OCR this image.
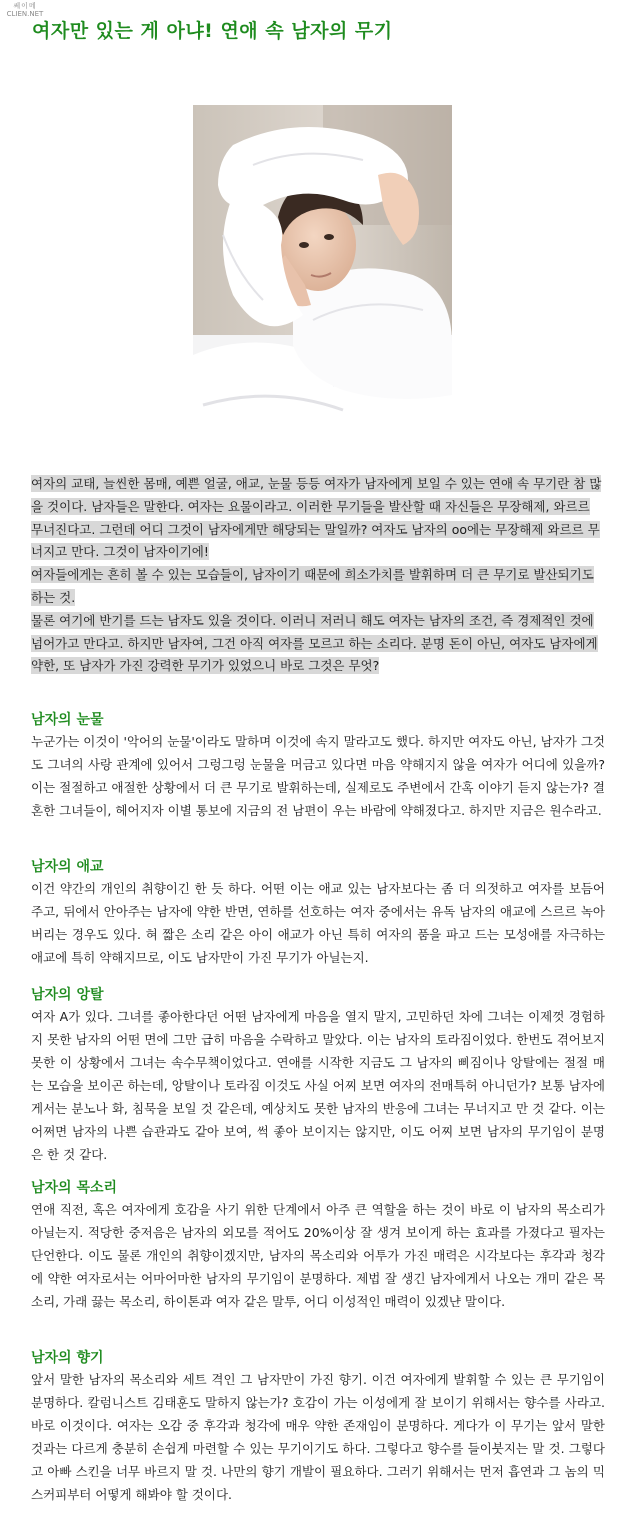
쎄이메
CLIEN.NET
여자만 있는 게 아냐! 연애 속 남자의 무기

여자의 교태, 늘씬한 몸매, 예쁜 얼굴, 애교, 눈물 등등 여자가 남자에게 보일 수 있는 연애 속 무기란 참 많을 것이다. 남자들은 말한다. 여자는 요물이라고. 이러한 무기들을 발산할 때 자신들은 무장해제, 와르르 무너진다고. 그런데 어디 그것이 남자에게만 해당되는 말일까? 여자도 남자의 oo에는 무장해제 와르르 무너지고 만다. 그것이 남자이기에!

여자들에게는 흔히 볼 수 있는 모습들이, 남자이기 때문에 희소가치를 발휘하며 더 큰 무기로 발산되기도 하는 것.

물론 여기에 반기를 드는 남자도 있을 것이다. 이러니 저러니 해도 여자는 남자의 조건, 즉 경제적인 것에 넘어가고 만다고. 하지만 남자여, 그건 아직 여자를 모르고 하는 소리다. 분명 돈이 아닌, 여자도 남자에게 약한, 또 남자가 가진 강력한 무기가 있었으니 바로 그것은 무엇?

남자의 눈물

누군가는 이것이 '악어의 눈물'이라도 말하며 이것에 속지 말라고도 했다. 하지만 여자도 아닌, 남자가 그것도 그녀의 사랑 관계에 있어서 그렁그렁 눈물을 머금고 있다면 마음 약해지지 않을 여자가 어디에 있을까? 이는 절절하고 애절한 상황에서 더 큰 무기로 발휘하는데, 실제로도 주변에서 간혹 이야기 듣지 않는가? 결혼한 그녀들이, 헤어지자 이별 통보에 지금의 전 남편이 우는 바람에 약해졌다고. 하지만 지금은 원수라고.

남자의 애교

이건 약간의 개인의 취향이긴 한 듯 하다. 어떤 이는 애교 있는 남자보다는 좀 더 의젓하고 여자를 보듬어주고, 뒤에서 안아주는 남자에 약한 반면, 연하를 선호하는 여자 중에서는 유독 남자의 애교에 스르르 녹아버리는 경우도 있다. 혀 짧은 소리 같은 아이 애교가 아닌 특히 여자의 품을 파고 드는 모성애를 자극하는 애교에 특히 약해지므로, 이도 남자만이 가진 무기가 아닐는지.

남자의 앙탈

여자 A가 있다. 그녀를 좋아한다던 어떤 남자에게 마음을 열지 말지, 고민하던 차에 그녀는 이제껏 경험하지 못한 남자의 어떤 면에 그만 급히 마음을 수락하고 말았다. 이는 남자의 토라짐이었다. 한번도 겪어보지 못한 이 상황에서 그녀는 속수무책이었다고. 연애를 시작한 지금도 그 남자의 삐짐이나 앙탈에는 절절 매는 모습을 보이곤 하는데, 앙탈이나 토라짐 이것도 사실 어찌 보면 여자의 전매특허 아니던가? 보통 남자에게서는 분노나 화, 침묵을 보일 것 같은데, 예상치도 못한 남자의 반응에 그녀는 무너지고 만 것 같다. 이는 어쩌면 남자의 나쁜 습관과도 같아 보여, 썩 좋아 보이지는 않지만, 이도 어찌 보면 남자의 무기임이 분명은 한 것 같다.

남자의 목소리

연애 직전, 혹은 여자에게 호감을 사기 위한 단계에서 아주 큰 역할을 하는 것이 바로 이 남자의 목소리가 아닐는지. 적당한 중저음은 남자의 외모를 적어도 20%이상 잘 생겨 보이게 하는 효과를 가졌다고 필자는 단언한다. 이도 물론 개인의 취향이겠지만, 남자의 목소리와 어투가 가진 매력은 시각보다는 후각과 청각에 약한 여자로서는 어마어마한 남자의 무기임이 분명하다. 제법 잘 생긴 남자에게서 나오는 개미 같은 목소리, 가래 끓는 목소리, 하이톤과 여자 같은 말투, 어디 이성적인 매력이 있겠냔 말이다.

남자의 향기

앞서 말한 남자의 목소리와 세트 격인 그 남자만이 가진 향기. 이건 여자에게 발휘할 수 있는 큰 무기임이 분명하다. 칼럼니스트 김태훈도 말하지 않는가? 호감이 가는 이성에게 잘 보이기 위해서는 향수를 사라고. 바로 이것이다. 여자는 오감 중 후각과 청각에 매우 약한 존재임이 분명하다. 게다가 이 무기는 앞서 말한 것과는 다르게 충분히 손쉽게 마련할 수 있는 무기이기도 하다. 그렇다고 향수를 들이붓지는 말 것. 그렇다고 아빠 스킨을 너무 바르지 말 것. 나만의 향기 개발이 필요하다. 그러기 위해서는 먼저 흡연과 그 놈의 믹스커피부터 어떻게 해봐야 할 것이다.
